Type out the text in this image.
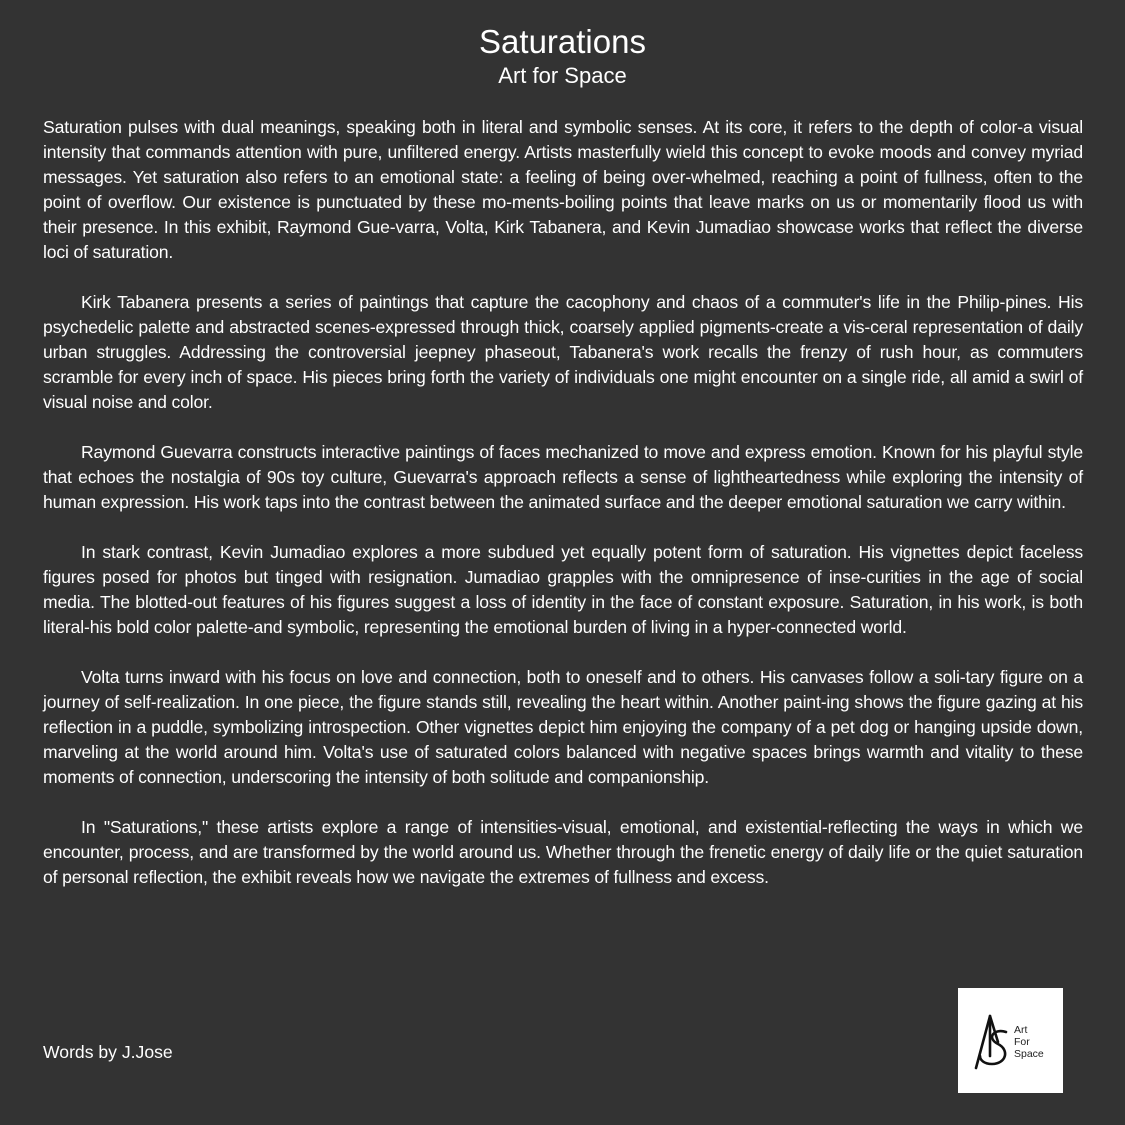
Saturations
Art for Space

Saturation pulses with dual meanings, speaking both in literal and symbolic senses. At its core, it refers to the depth of color-a visual intensity that commands attention with pure, unfiltered energy. Artists masterfully wield this concept to evoke moods and convey myriad messages. Yet saturation also refers to an emotional state: a feeling of being over-whelmed, reaching a point of fullness, often to the point of overflow. Our existence is punctuated by these mo-ments-boiling points that leave marks on us or momentarily flood us with their presence. In this exhibit, Raymond Gue-varra, Volta, Kirk Tabanera, and Kevin Jumadiao showcase works that reflect the diverse loci of saturation.

Kirk Tabanera presents a series of paintings that capture the cacophony and chaos of a commuter's life in the Philip-pines. His psychedelic palette and abstracted scenes-expressed through thick, coarsely applied pigments-create a vis-ceral representation of daily urban struggles. Addressing the controversial jeepney phaseout, Tabanera's work recalls the frenzy of rush hour, as commuters scramble for every inch of space. His pieces bring forth the variety of individuals one might encounter on a single ride, all amid a swirl of visual noise and color.

Raymond Guevarra constructs interactive paintings of faces mechanized to move and express emotion. Known for his playful style that echoes the nostalgia of 90s toy culture, Guevarra's approach reflects a sense of lightheartedness while exploring the intensity of human expression. His work taps into the contrast between the animated surface and the deeper emotional saturation we carry within.

In stark contrast, Kevin Jumadiao explores a more subdued yet equally potent form of saturation. His vignettes depict faceless figures posed for photos but tinged with resignation. Jumadiao grapples with the omnipresence of inse-curities in the age of social media. The blotted-out features of his figures suggest a loss of identity in the face of constant exposure. Saturation, in his work, is both literal-his bold color palette-and symbolic, representing the emotional burden of living in a hyper-connected world.

Volta turns inward with his focus on love and connection, both to oneself and to others. His canvases follow a soli-tary figure on a journey of self-realization. In one piece, the figure stands still, revealing the heart within. Another paint-ing shows the figure gazing at his reflection in a puddle, symbolizing introspection. Other vignettes depict him enjoying the company of a pet dog or hanging upside down, marveling at the world around him. Volta's use of saturated colors balanced with negative spaces brings warmth and vitality to these moments of connection, underscoring the intensity of both solitude and companionship.

In "Saturations," these artists explore a range of intensities-visual, emotional, and existential-reflecting the ways in which we encounter, process, and are transformed by the world around us. Whether through the frenetic energy of daily life or the quiet saturation of personal reflection, the exhibit reveals how we navigate the extremes of fullness and excess.

Words by J.Jose
Art
For
Space
